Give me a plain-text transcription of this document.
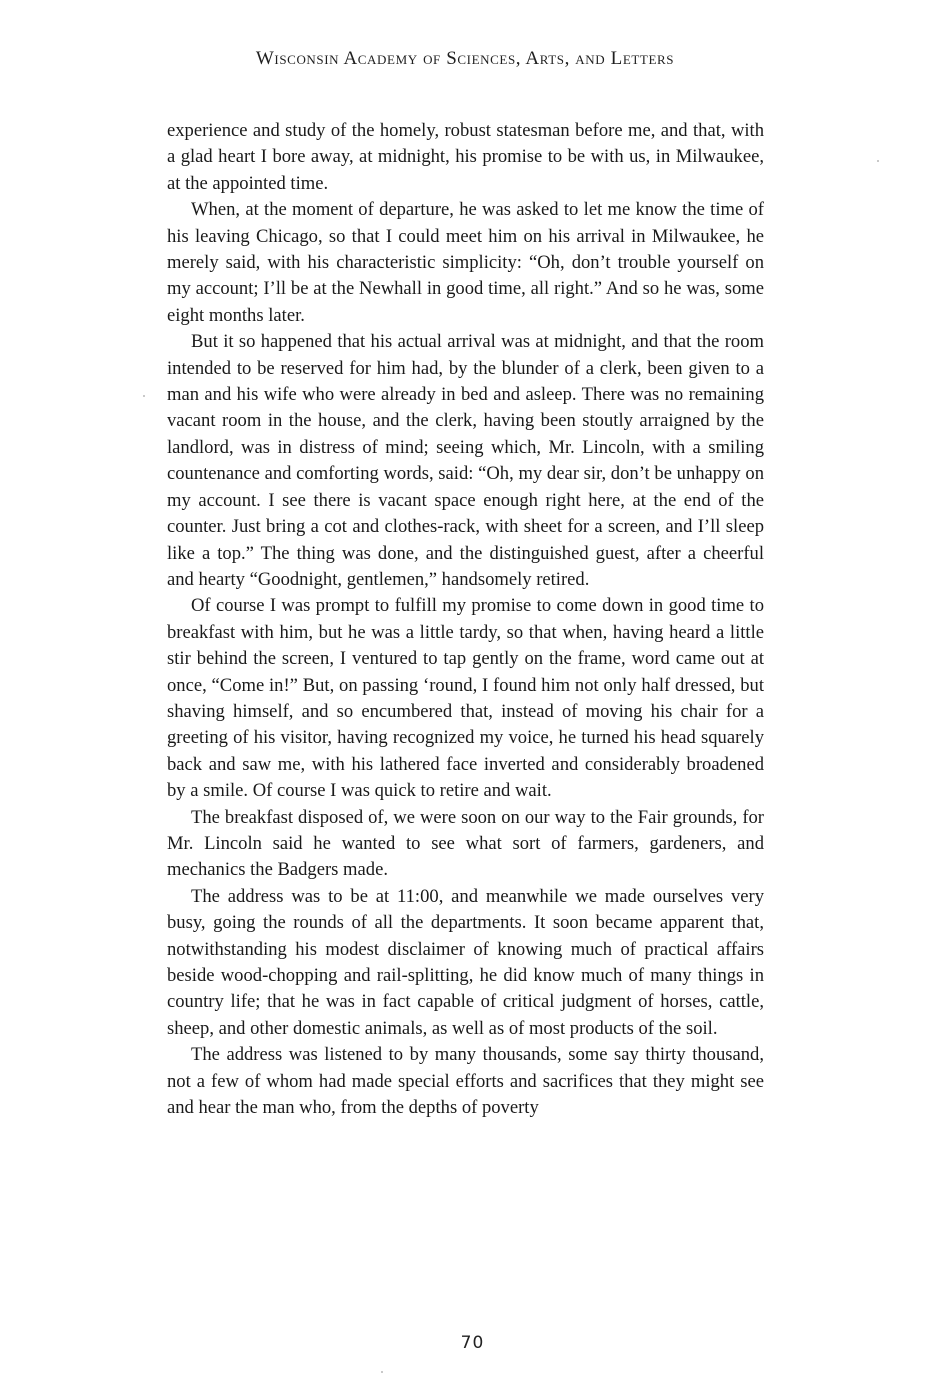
Wisconsin Academy of Sciences, Arts, and Letters

experience and study of the homely, robust statesman before me, and that, with a glad heart I bore away, at midnight, his promise to be with us, in Milwaukee, at the appointed time.

When, at the moment of departure, he was asked to let me know the time of his leaving Chicago, so that I could meet him on his arrival in Milwaukee, he merely said, with his characteristic simplicity: “Oh, don’t trouble yourself on my account; I’ll be at the Newhall in good time, all right.” And so he was, some eight months later.

But it so happened that his actual arrival was at midnight, and that the room intended to be reserved for him had, by the blunder of a clerk, been given to a man and his wife who were already in bed and asleep. There was no remaining vacant room in the house, and the clerk, having been stoutly arraigned by the landlord, was in distress of mind; seeing which, Mr. Lincoln, with a smiling countenance and comforting words, said: “Oh, my dear sir, don’t be unhappy on my account. I see there is vacant space enough right here, at the end of the counter. Just bring a cot and clothes-rack, with sheet for a screen, and I’ll sleep like a top.” The thing was done, and the distinguished guest, after a cheerful and hearty “Goodnight, gentlemen,” handsomely retired.

Of course I was prompt to fulfill my promise to come down in good time to breakfast with him, but he was a little tardy, so that when, having heard a little stir behind the screen, I ventured to tap gently on the frame, word came out at once, “Come in!” But, on passing ‘round, I found him not only half dressed, but shaving himself, and so encumbered that, instead of moving his chair for a greeting of his visitor, having recognized my voice, he turned his head squarely back and saw me, with his lathered face inverted and considerably broadened by a smile. Of course I was quick to retire and wait.

The breakfast disposed of, we were soon on our way to the Fair grounds, for Mr. Lincoln said he wanted to see what sort of farmers, gardeners, and mechanics the Badgers made.

The address was to be at 11:00, and meanwhile we made ourselves very busy, going the rounds of all the departments. It soon became apparent that, notwithstanding his modest disclaimer of knowing much of practical affairs beside wood-chopping and rail-splitting, he did know much of many things in country life; that he was in fact capable of critical judgment of horses, cattle, sheep, and other domestic animals, as well as of most products of the soil.

The address was listened to by many thousands, some say thirty thousand, not a few of whom had made special efforts and sacrifices that they might see and hear the man who, from the depths of poverty

70
